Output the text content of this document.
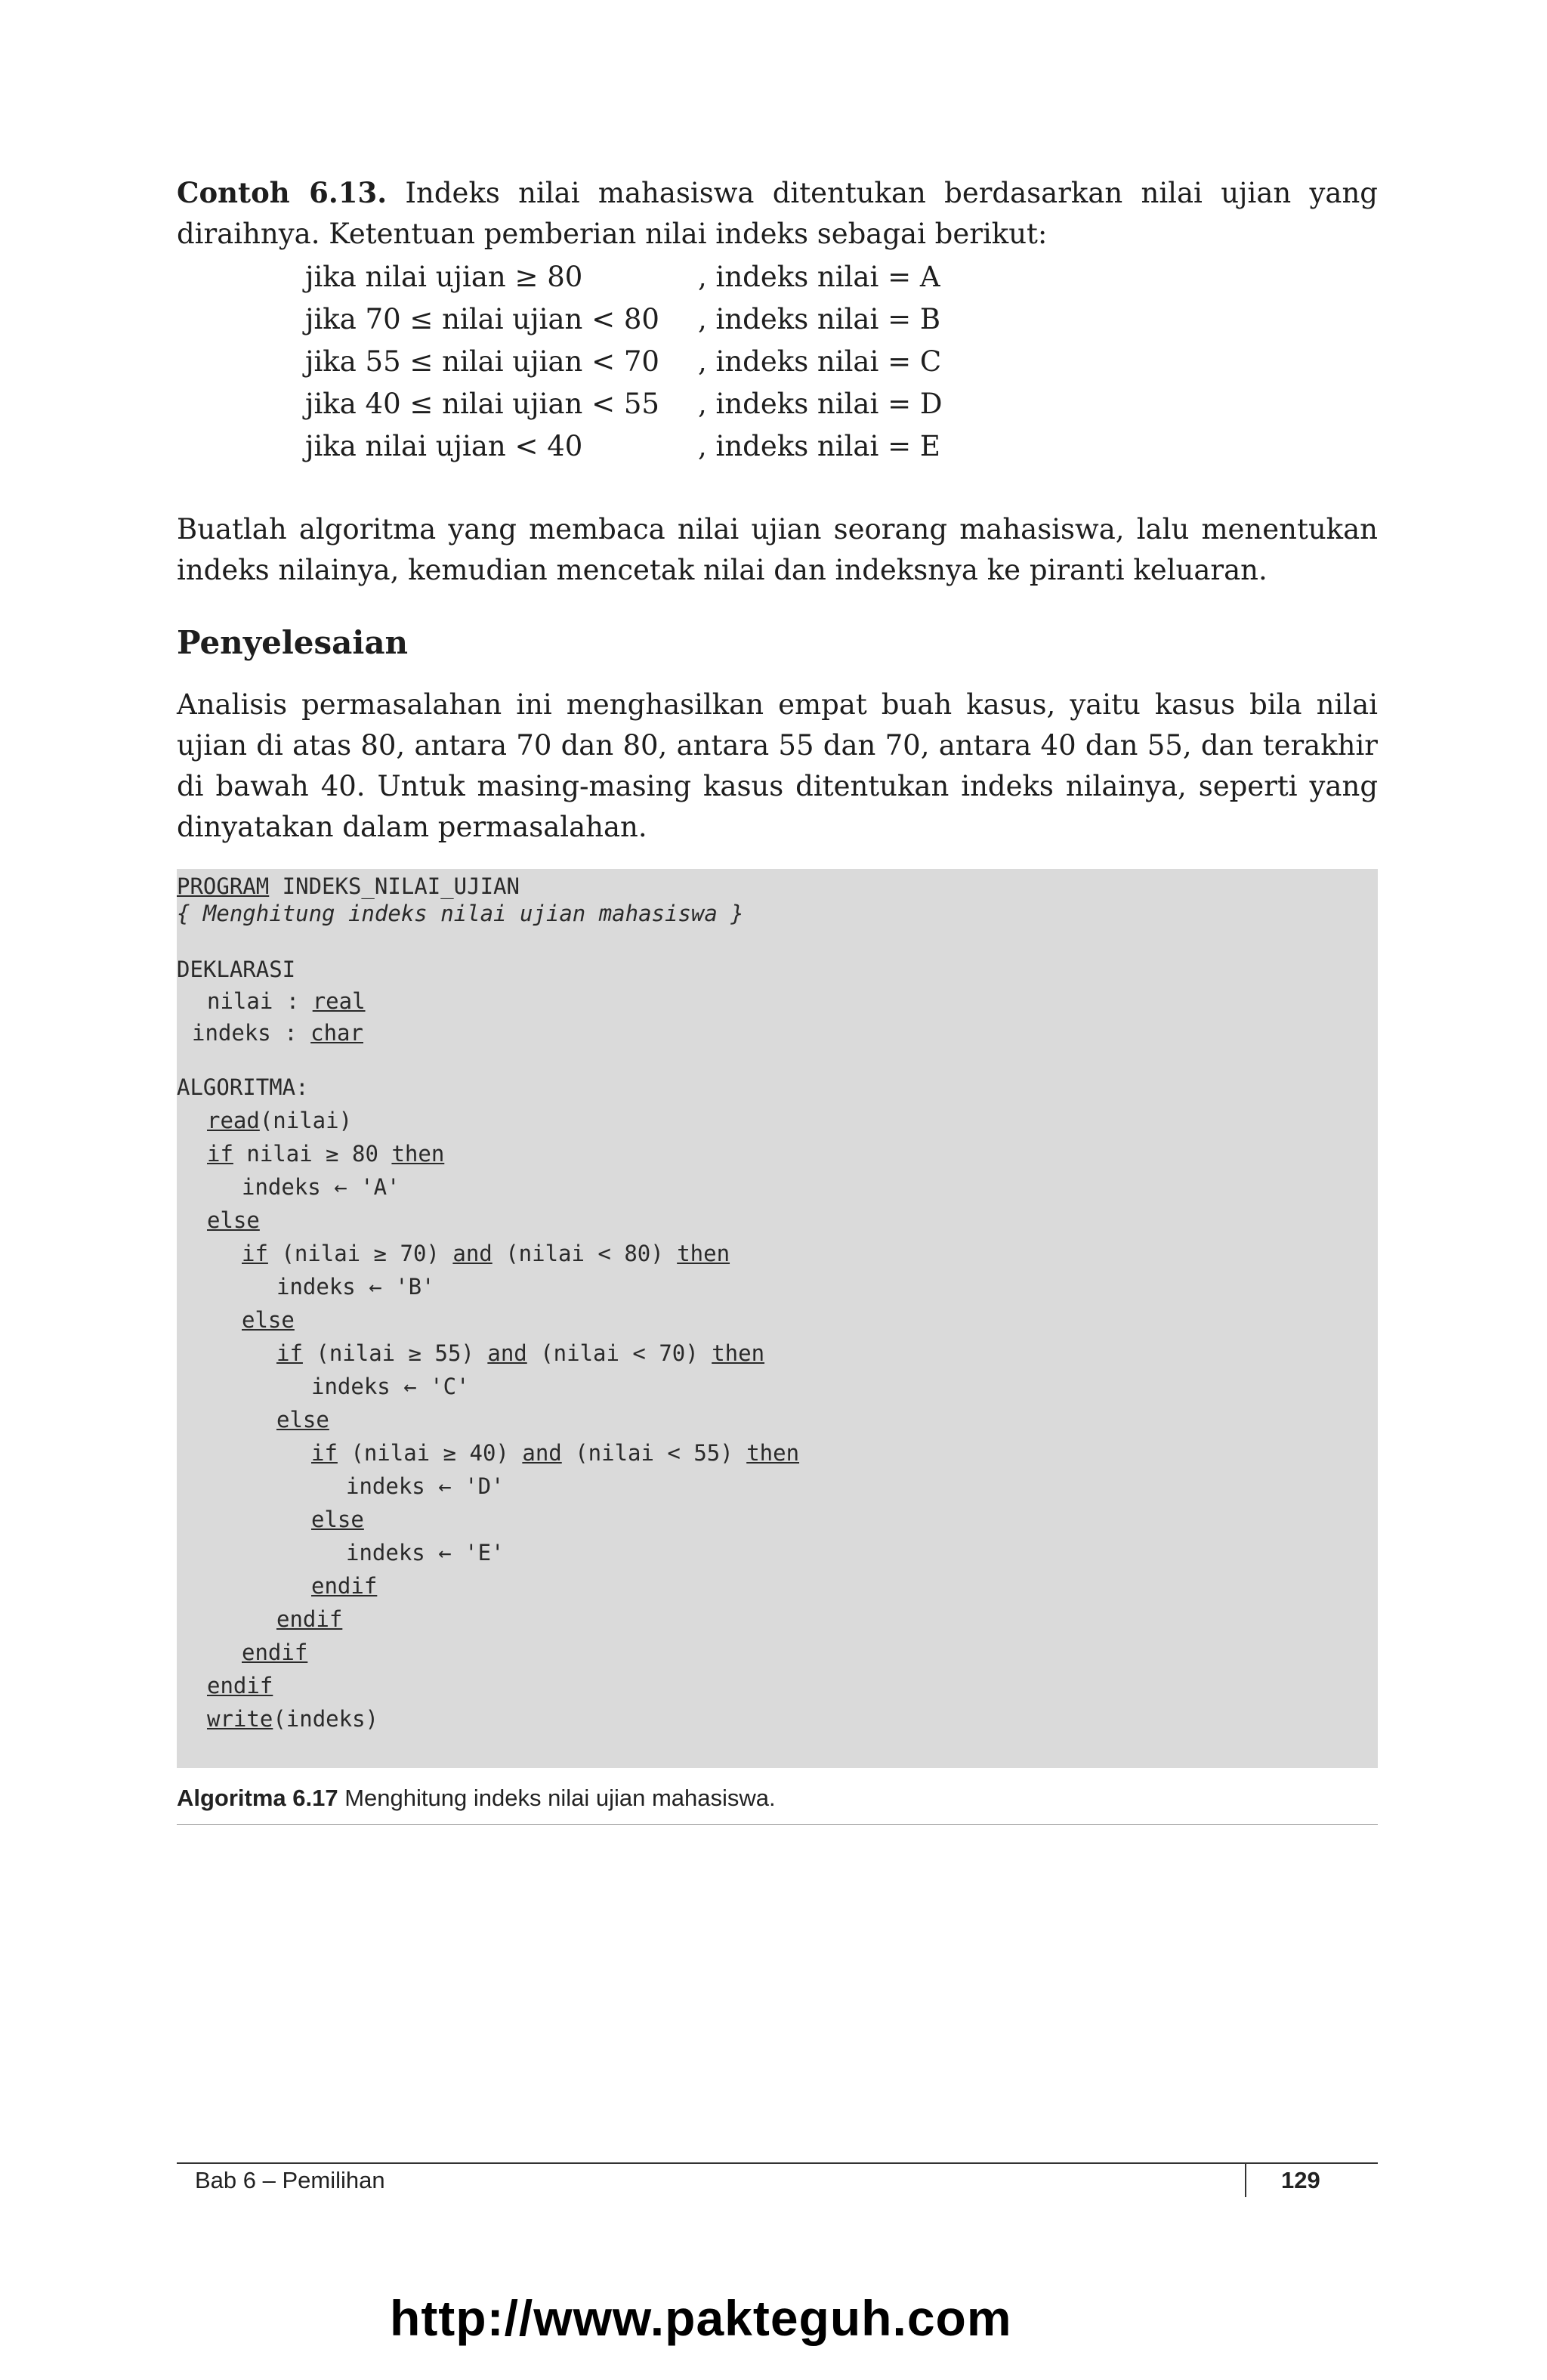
Contoh 6.13. Indeks nilai mahasiswa ditentukan berdasarkan nilai ujian yang diraihnya. Ketentuan pemberian nilai indeks sebagai berikut:
jika nilai ujian ≥ 80	, indeks nilai = A
jika 70 ≤ nilai ujian < 80 , indeks nilai = B
jika 55 ≤ nilai ujian < 70 , indeks nilai = C
jika 40 ≤ nilai ujian < 55 , indeks nilai = D
jika nilai ujian < 40	, indeks nilai = E
Buatlah algoritma yang membaca nilai ujian seorang mahasiswa, lalu menentukan indeks nilainya, kemudian mencetak nilai dan indeksnya ke piranti keluaran.
Penyelesaian
Analisis permasalahan ini menghasilkan empat buah kasus, yaitu kasus bila nilai ujian di atas 80, antara 70 dan 80, antara 55 dan 70, antara 40 dan 55, dan terakhir di bawah 40. Untuk masing-masing kasus ditentukan indeks nilainya, seperti yang dinyatakan dalam permasalahan.
PROGRAM INDEKS_NILAI_UJIAN
{ Menghitung indeks nilai ujian mahasiswa }
DEKLARASI
nilai : real
indeks : char
ALGORITMA:
read(nilai)
if nilai ≥ 80 then
indeks ← 'A'
else
if (nilai ≥ 70) and (nilai < 80) then
indeks ← 'B'
else
if (nilai ≥ 55) and (nilai < 70) then
indeks ← 'C'
else
if (nilai ≥ 40) and (nilai < 55) then
indeks ← 'D'
else
indeks ← 'E'
endif
endif
endif
endif
write(indeks)
Algoritma 6.17 Menghitung indeks nilai ujian mahasiswa.
Bab 6 – Pemilihan	129
http://www.pakteguh.com
